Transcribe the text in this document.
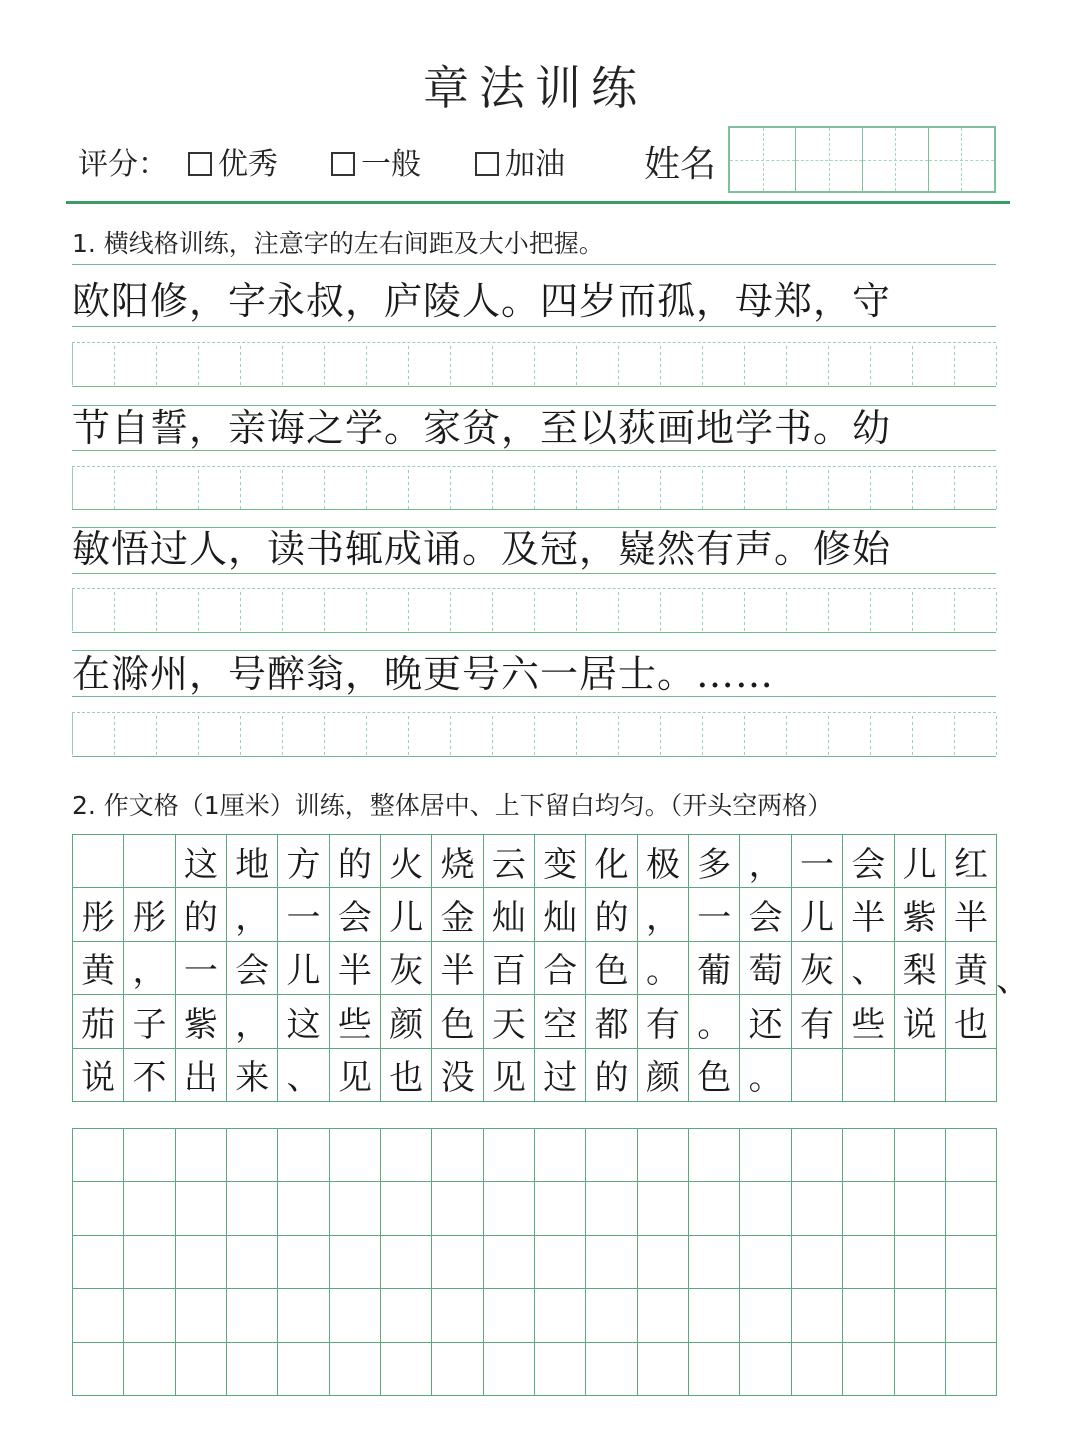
章法训练
评分： 优秀	一般	加油 姓名
1. 横线格训练，注意字的左右间距及大小把握。
欧阳修，字永叔，庐陵人。四岁而孤，母郑，守
节自誓，亲诲之学。家贫，至以荻画地学书。幼
敏悟过人，读书辄成诵。及冠，嶷然有声。修始
在滁州，号醉翁，晚更号六一居士。……
2. 作文格（1厘米）训练，整体居中、上下留白均匀。（开头空两格）
		这	地	方	的	火	烧	云	变	化	极	多	，	一	会	儿	红
彤	彤	的	，	一	会	儿	金	灿	灿	的	，	一	会	儿	半	紫	半
黄	，	一	会	儿	半	灰	半	百	合	色	。	葡	萄	灰	、	梨	黄
茄	子	紫	，	这	些	颜	色	天	空	都	有	。	还	有	些	说	也
说	不	出	来	、	见	也	没	见	过	的	颜	色	。				
、
